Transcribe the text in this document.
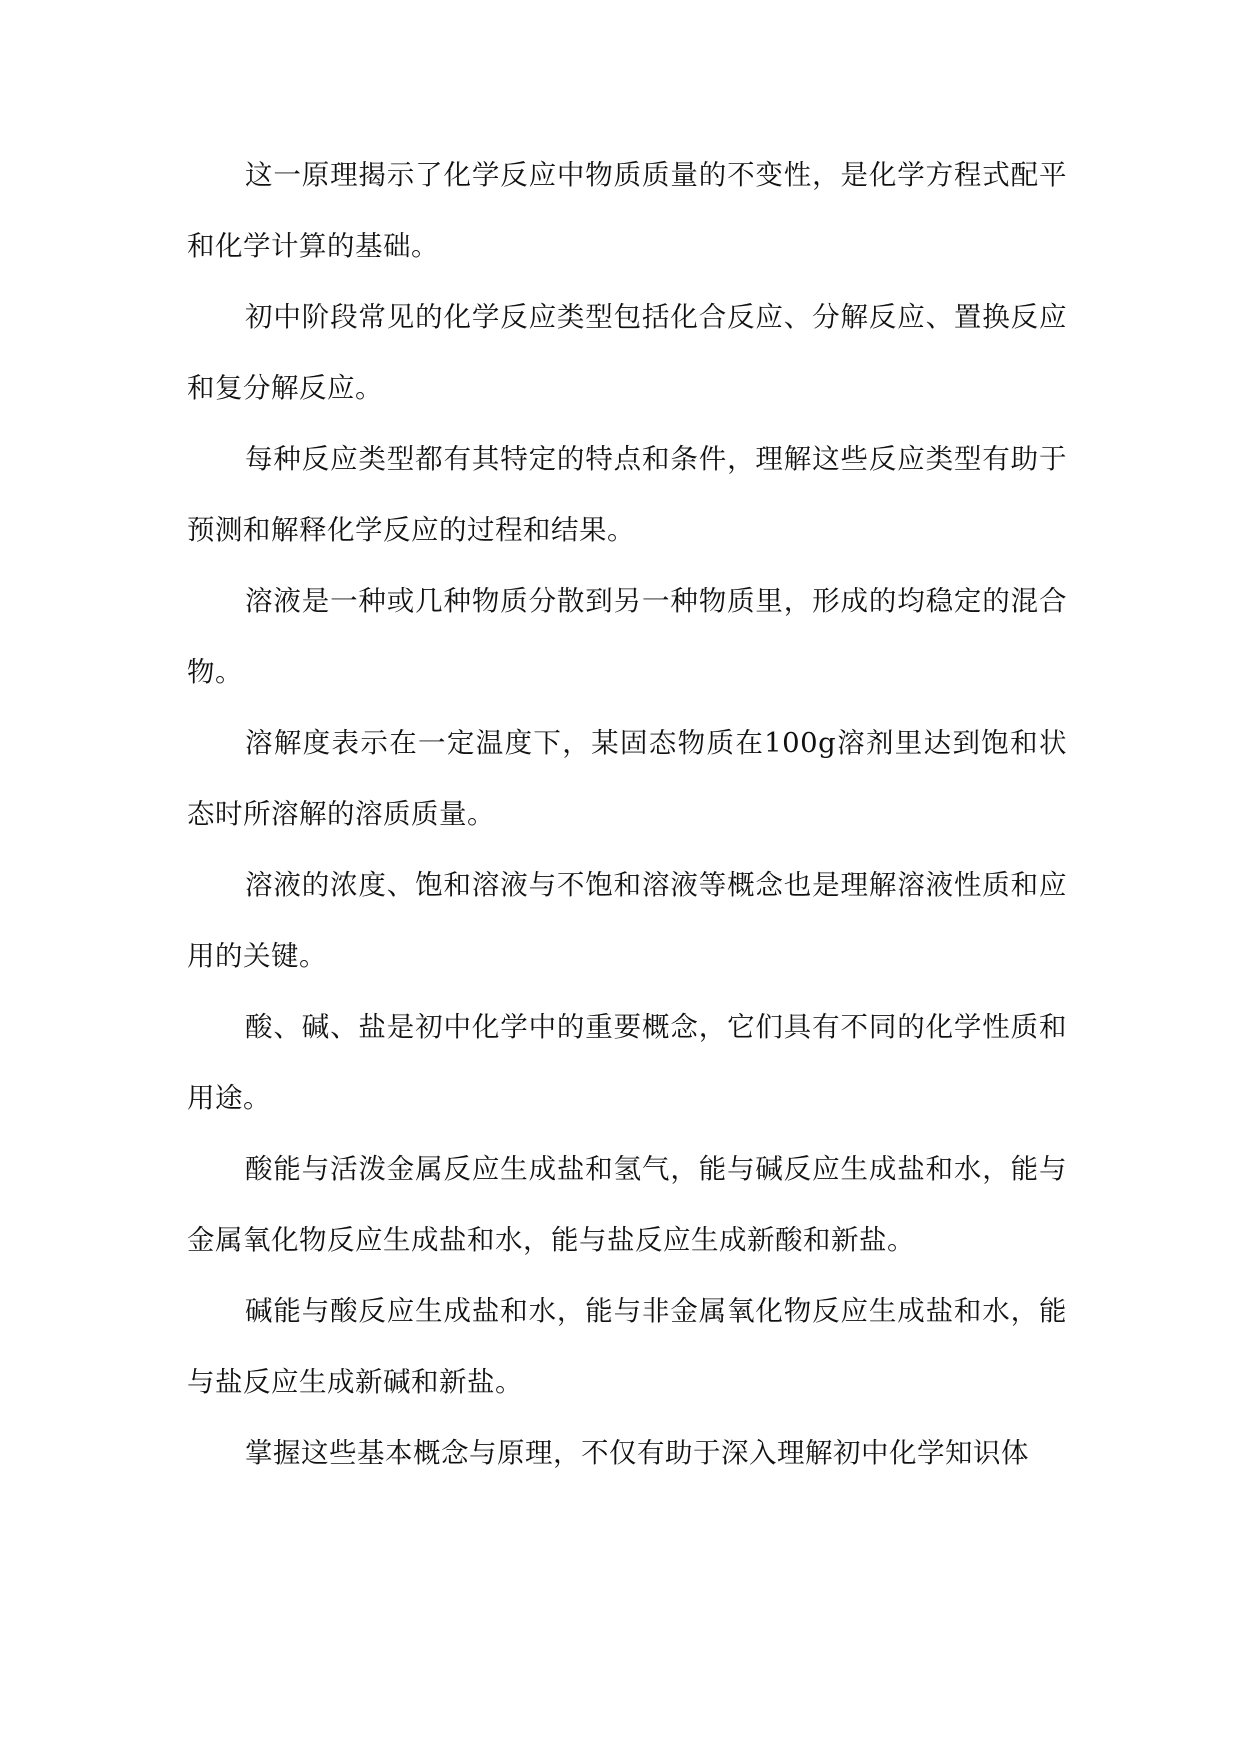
这一原理揭示了化学反应中物质质量的不变性，是化学方程式配平和化学计算的基础。

初中阶段常见的化学反应类型包括化合反应、分解反应、置换反应和复分解反应。

每种反应类型都有其特定的特点和条件，理解这些反应类型有助于预测和解释化学反应的过程和结果。

溶液是一种或几种物质分散到另一种物质里，形成的均稳定的混合物。

溶解度表示在一定温度下，某固态物质在100g溶剂里达到饱和状态时所溶解的溶质质量。

溶液的浓度、饱和溶液与不饱和溶液等概念也是理解溶液性质和应用的关键。

酸、碱、盐是初中化学中的重要概念，它们具有不同的化学性质和用途。

酸能与活泼金属反应生成盐和氢气，能与碱反应生成盐和水，能与金属氧化物反应生成盐和水，能与盐反应生成新酸和新盐。

碱能与酸反应生成盐和水，能与非金属氧化物反应生成盐和水，能与盐反应生成新碱和新盐。

掌握这些基本概念与原理，不仅有助于深入理解初中化学知识体
